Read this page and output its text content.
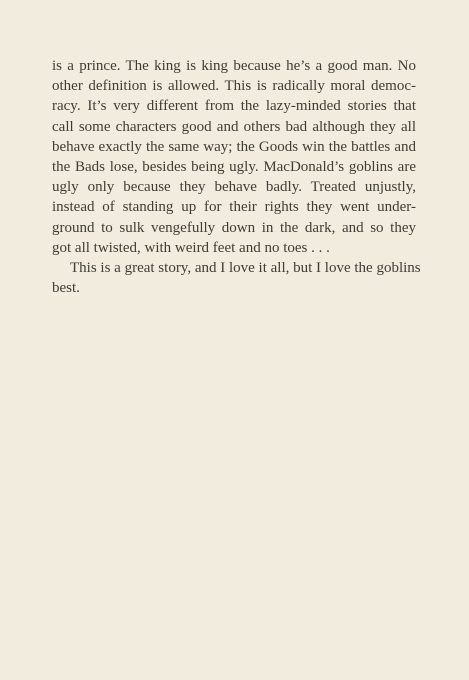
is a prince. The king is king because he’s a good man. No
other definition is allowed. This is radically moral democ-
racy. It’s very different from the lazy-minded stories that
call some characters good and others bad although they all
behave exactly the same way; the Goods win the battles and
the Bads lose, besides being ugly. MacDonald’s goblins are
ugly only because they behave badly. Treated unjustly,
instead of standing up for their rights they went under-
ground to sulk vengefully down in the dark, and so they
got all twisted, with weird feet and no toes . . .

This is a great story, and I love it all, but I love the goblins
best.
